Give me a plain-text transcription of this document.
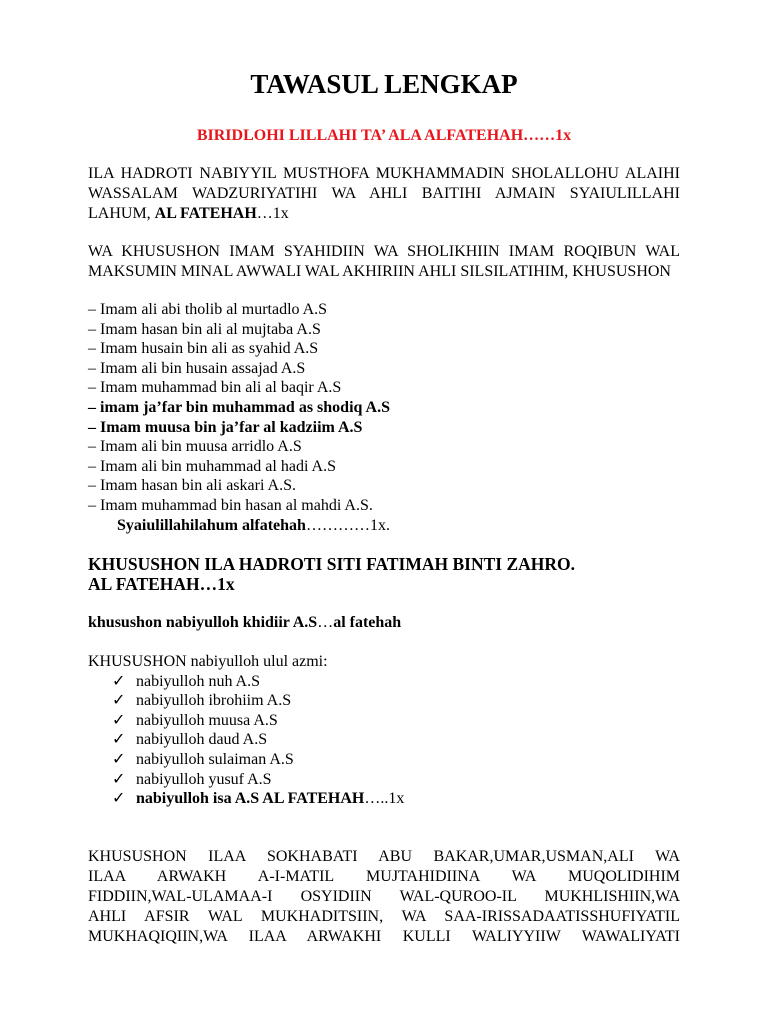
TAWASUL LENGKAP
BIRIDLOHI LILLAHI TA’ ALA ALFATEHAH……1x

ILA HADROTI NABIYYIL MUSTHOFA MUKHAMMADIN SHOLALLOHU ALAIHI WASSALAM WADZURIYATIHI WA AHLI BAITIHI AJMAIN SYAIULILLAHI LAHUM, AL FATEHAH…1x

WA KHUSUSHON IMAM SYAHIDIIN WA SHOLIKHIIN IMAM ROQIBUN WAL MAKSUMIN MINAL AWWALI WAL AKHIRIIN AHLI SILSILATIHIM, KHUSUSHON

– Imam ali abi tholib al murtadlo A.S
– Imam hasan bin ali al mujtaba A.S
– Imam husain bin ali as syahid A.S
– Imam ali bin husain assajad A.S
– Imam muhammad bin ali al baqir A.S
– imam ja’far bin muhammad as shodiq A.S
– Imam muusa bin ja’far al kadziim A.S
– Imam ali bin muusa arridlo A.S
– Imam ali bin muhammad al hadi A.S
– Imam hasan bin ali askari A.S.
– Imam muhammad bin hasan al mahdi A.S.
Syaiulillahilahum alfatehah…………1x.
KHUSUSHON ILA HADROTI SITI FATIMAH BINTI ZAHRO.
AL FATEHAH…1x
khusushon nabiyulloh khidiir A.S…al fatehah
KHUSUSHON nabiyulloh ulul azmi:
✓ nabiyulloh nuh A.S
✓ nabiyulloh ibrohiim A.S
✓ nabiyulloh muusa A.S
✓ nabiyulloh daud A.S
✓ nabiyulloh sulaiman A.S
✓ nabiyulloh yusuf A.S
✓ nabiyulloh isa A.S AL FATEHAH…..1x

KHUSUSHON ILAA SOKHABATI ABU BAKAR,UMAR,USMAN,ALI WA

ILAA ARWAKH A-I-MATIL MUJTAHIDIINA WA MUQOLIDIHIM

FIDDIIN,WAL-ULAMAA-I OSYIDIIN WAL-QUROO-IL MUKHLISHIIN,WA

AHLI AFSIR WAL MUKHADITSIIN, WA SAA-IRISSADAATISSHUFIYATIL

MUKHAQIQIIN,WA ILAA ARWAKHI KULLI WALIYYIIW WAWALIYATI
